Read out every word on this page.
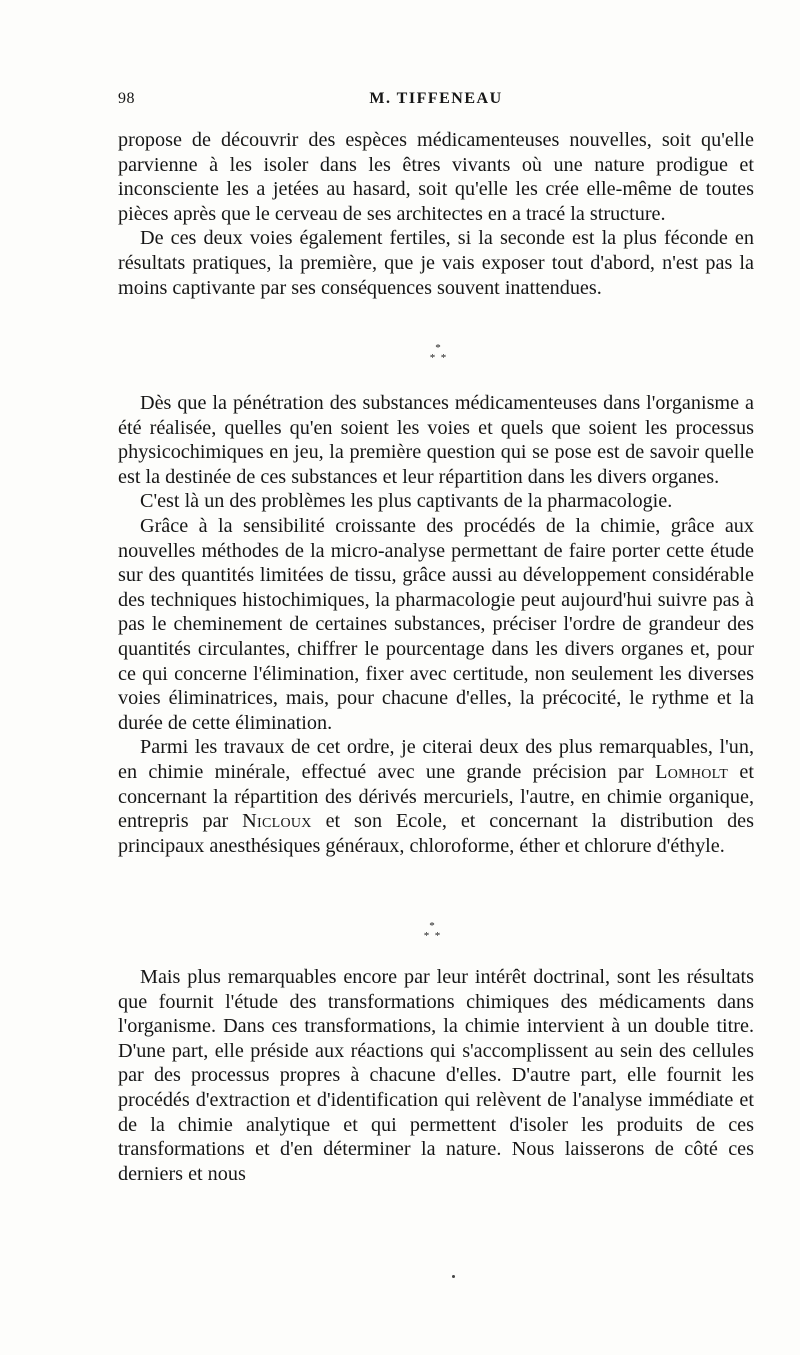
98	M. TIFFENEAU

propose de découvrir des espèces médicamenteuses nouvelles, soit qu'elle parvienne à les isoler dans les êtres vivants où une nature prodigue et inconsciente les a jetées au hasard, soit qu'elle les crée elle-même de toutes pièces après que le cerveau de ses architectes en a tracé la structure.

De ces deux voies également fertiles, si la seconde est la plus féconde en résultats pratiques, la première, que je vais exposer tout d'abord, n'est pas la moins captivante par ses conséquences souvent inattendues.

*
*  *

Dès que la pénétration des substances médicamenteuses dans l'organisme a été réalisée, quelles qu'en soient les voies et quels que soient les processus physicochimiques en jeu, la première question qui se pose est de savoir quelle est la destinée de ces substances et leur répartition dans les divers organes.

C'est là un des problèmes les plus captivants de la pharmacologie.

Grâce à la sensibilité croissante des procédés de la chimie, grâce aux nouvelles méthodes de la micro-analyse permettant de faire porter cette étude sur des quantités limitées de tissu, grâce aussi au développement considérable des techniques histochimiques, la pharmacologie peut aujourd'hui suivre pas à pas le cheminement de certaines substances, préciser l'ordre de grandeur des quantités circulantes, chiffrer le pourcentage dans les divers organes et, pour ce qui concerne l'élimination, fixer avec certitude, non seulement les diverses voies éliminatrices, mais, pour chacune d'elles, la précocité, le rythme et la durée de cette élimination.

Parmi les travaux de cet ordre, je citerai deux des plus remarquables, l'un, en chimie minérale, effectué avec une grande précision par Lomholt et concernant la répartition des dérivés mercuriels, l'autre, en chimie organique, entrepris par Nicloux et son Ecole, et concernant la distribution des principaux anesthésiques généraux, chloroforme, éther et chlorure d'éthyle.

*
*  *

Mais plus remarquables encore par leur intérêt doctrinal, sont les résultats que fournit l'étude des transformations chimiques des médicaments dans l'organisme. Dans ces transformations, la chimie intervient à un double titre. D'une part, elle préside aux réactions qui s'accomplissent au sein des cellules par des processus propres à chacune d'elles. D'autre part, elle fournit les procédés d'extraction et d'identification qui relèvent de l'analyse immédiate et de la chimie analytique et qui permettent d'isoler les produits de ces transformations et d'en déterminer la nature. Nous laisserons de côté ces derniers et nous
